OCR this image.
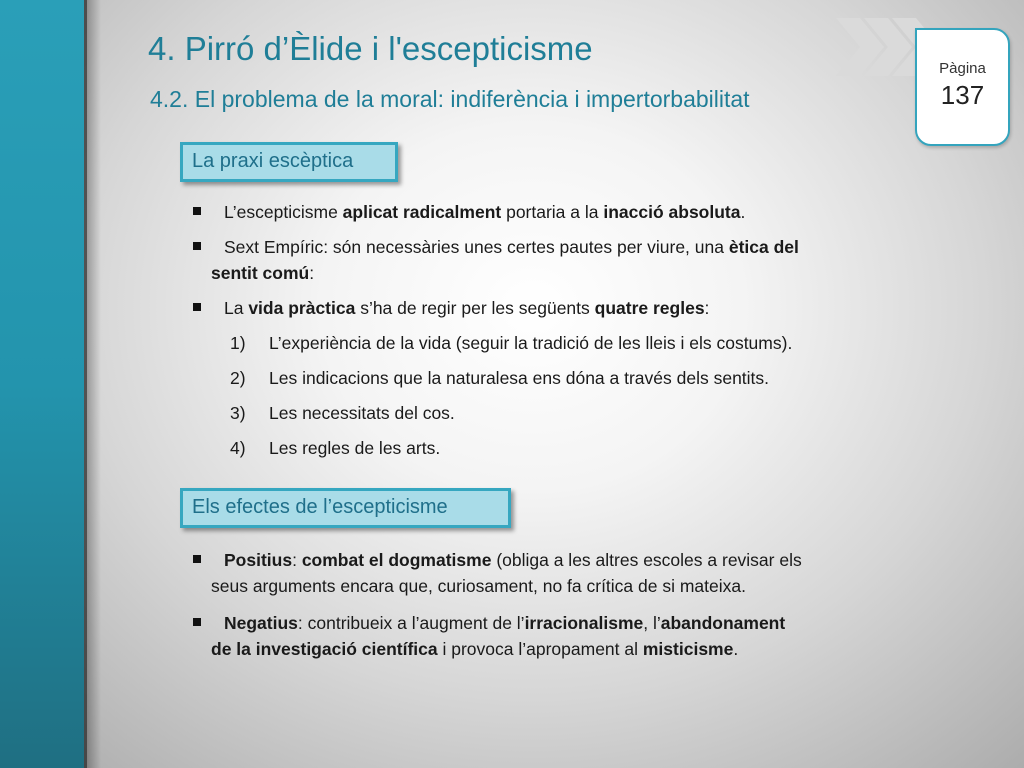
4. Pirró d’Èlide i l'escepticisme
4.2. El problema de la moral: indiferència i impertorbabilitat
Pàgina
137
La praxi escèptica
L’escepticisme aplicat radicalment portaria a la inacció absoluta.
Sext Empíric: són necessàries unes certes pautes per viure, una ètica del
sentit comú:
La vida pràctica s’ha de regir per les següents quatre regles:
1) L’experiència de la vida (seguir la tradició de les lleis i els costums).
2) Les indicacions que la naturalesa ens dóna a través dels sentits.
3) Les necessitats del cos.
4) Les regles de les arts.
Els efectes de l’escepticisme
Positius: combat el dogmatisme (obliga a les altres escoles a revisar els
seus arguments encara que, curiosament, no fa crítica de si mateixa.
Negatius: contribueix a l’augment de l’irracionalisme, l’abandonament
de la investigació científica i provoca l’apropament al misticisme.
